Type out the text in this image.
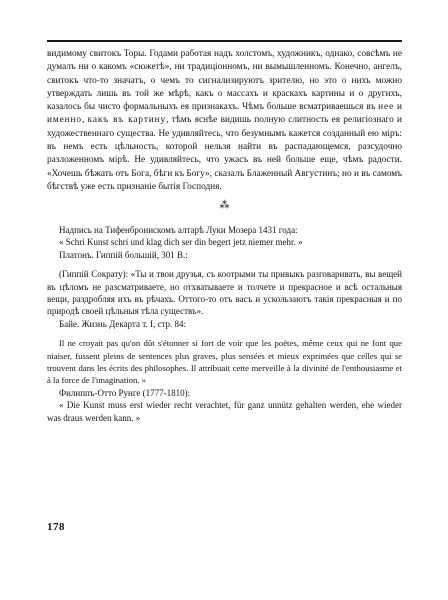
видимому свитокъ Торы. Годами работая надъ холстомъ, художникъ, однако, совсѣмъ не думалъ ни о какомъ «сюжетѣ», ни традиціонномъ, ни вымышленномъ. Конечно, ангелъ, свитокъ что-то значатъ, о чемъ то сигнализируютъ зрителю, но это о нихъ можно утверждать лишь въ той же мѣрѣ, какъ о массахъ и краскахъ картины и о другихъ, казалось бы чисто формальныхъ ея признакахъ. Чѣмъ больше всматриваешься въ нее и именно, какъ въ картину, тѣмъ яснѣе видишь полную слитность ея религіознаго и художественнаго существа. Не удивляйтесь, что безумнымъ кажется созданный ею міръ: въ немъ есть цѣльность, которой нельзя найти въ распадающемся, разсудочно разложенномъ мірѣ. Не удивляйтесь, что ужасъ въ ней больше еще, чѣмъ радости. «Хочешь бѣжать отъ Бога, бѣги къ Богу», сказалъ Блаженный Августинъ; но и въ самомъ бѣгствѣ уже есть признаніе бытія Господня.

⁂

Надпись на Тифенбронискомъ алтарѣ Луки Мозера 1431 года:

« Schri Kunst schri und klag dich ser din begert jetz niemer mehr. »

Платонъ. Гиппій большій, 301 В.:

(Гиппій Сократу): «Ты и твои друзья, съ коотрыми ты привыкъ разговаривать, вы вещей въ цѣломъ не разсматриваете, но отхватываете и толчете и прекрасное и всѣ остальныя вещи, раздробляя ихъ въ рѣчахъ. Оттого-то отъ васъ и ускользаютъ такія прекрасныя и по природѣ своей цѣльныя тѣла существъ».

Байе. Жизнь Декарта т. I, стр. 84:

Il ne croyait pas qu'on dût s'étonner si fort de voir que les poëtes, même ceux qui ne font que niaiser, fussent pleins de sentences plus graves, plus sensées et mieux exprimées que celles qui se trouvent dans les écrits des philosophes. Il attribuait cette merveille à la divinité de l'enthousiasme et à la force de l'imagination. »

Филиппъ-Отто Рунге (1777-1810):

« Die Kunst muss erst wieder recht verachtet, für ganz unnütz gehalten werden, ehe wieder was draus werden kann. »

178
